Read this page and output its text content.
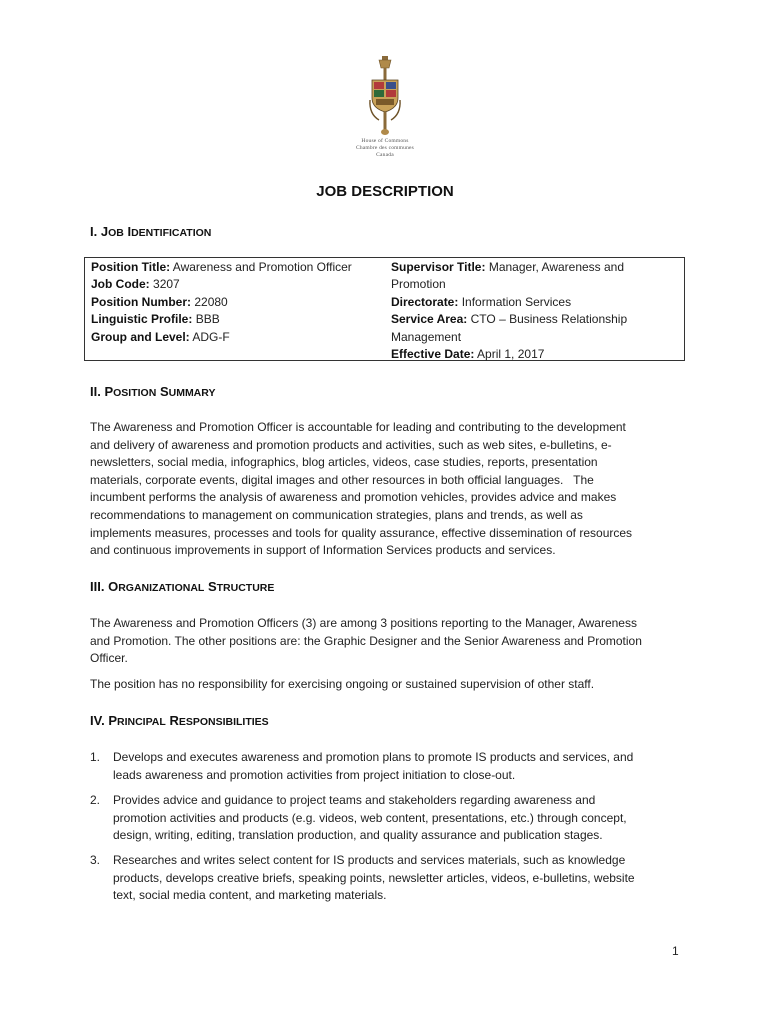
House of Commons
Chambre des communes
Canada
JOB DESCRIPTION
I. JOB IDENTIFICATION
Position Title: Awareness and Promotion Officer
Job Code: 3207
Position Number: 22080
Linguistic Profile: BBB
Group and Level: ADG-F
Supervisor Title: Manager, Awareness and
Promotion
Directorate: Information Services
Service Area: CTO – Business Relationship
Management
Effective Date: April 1, 2017
II. POSITION SUMMARY
The Awareness and Promotion Officer is accountable for leading and contributing to the development
and delivery of awareness and promotion products and activities, such as web sites, e-bulletins, e-
newsletters, social media, infographics, blog articles, videos, case studies, reports, presentation
materials, corporate events, digital images and other resources in both official languages.   The
incumbent performs the analysis of awareness and promotion vehicles, provides advice and makes
recommendations to management on communication strategies, plans and trends, as well as
implements measures, processes and tools for quality assurance, effective dissemination of resources
and continuous improvements in support of Information Services products and services.
III. ORGANIZATIONAL STRUCTURE
The Awareness and Promotion Officers (3) are among 3 positions reporting to the Manager, Awareness
and Promotion. The other positions are: the Graphic Designer and the Senior Awareness and Promotion
Officer.
The position has no responsibility for exercising ongoing or sustained supervision of other staff.
IV. PRINCIPAL RESPONSIBILITIES
1. Develops and executes awareness and promotion plans to promote IS products and services, and
leads awareness and promotion activities from project initiation to close-out.
2. Provides advice and guidance to project teams and stakeholders regarding awareness and
promotion activities and products (e.g. videos, web content, presentations, etc.) through concept,
design, writing, editing, translation production, and quality assurance and publication stages.
3. Researches and writes select content for IS products and services materials, such as knowledge
products, develops creative briefs, speaking points, newsletter articles, videos, e-bulletins, website
text, social media content, and marketing materials.
1
